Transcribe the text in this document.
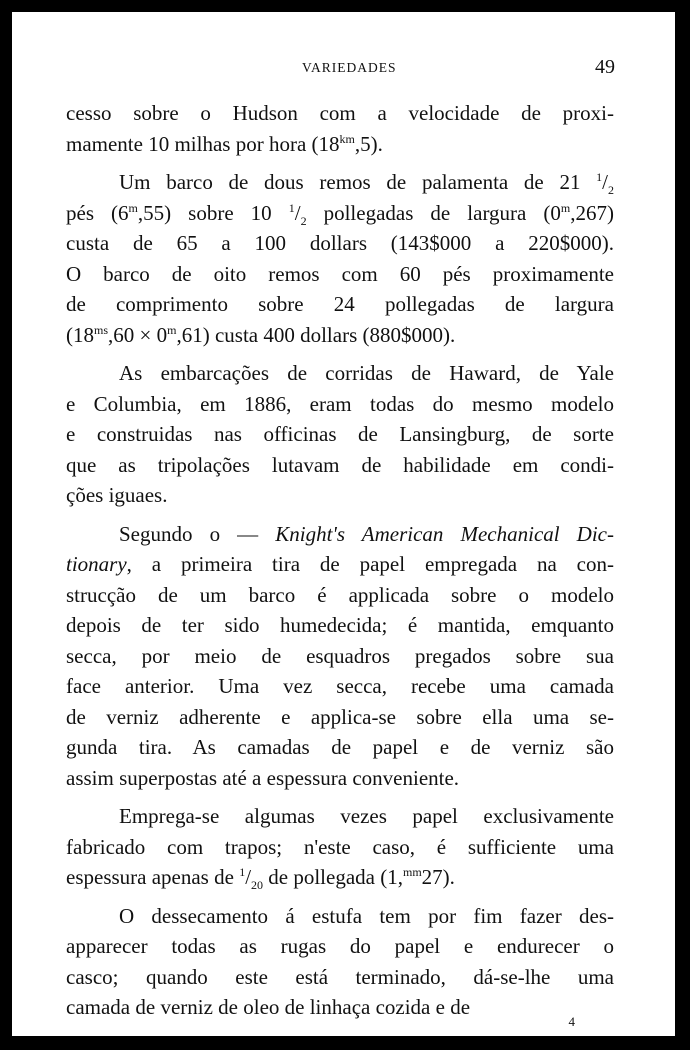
VARIEDADES	49
cesso sobre o Hudson com a velocidade de proxi-
mamente 10 milhas por hora $(18^{km},5)$.
Um barco de dous remos de palamenta de 21 $^1/_2$
pés (6$^m$,55) sobre 10 $^1/_2$ pollegadas de largura (0$^m$,267)
custa de 65 a 100 dollars (143$000 a 220$000).
O barco de oito remos com 60 pés proximamente
de comprimento sobre 24 pollegadas de largura
$(18^{ms},60 \times 0^m,61)$ custa 400 dollars (880$000).
As embarcações de corridas de Haward, de Yale
e Columbia, em 1886, eram todas do mesmo modelo
e construidas nas officinas de Lansingburg, de sorte
que as tripolações lutavam de habilidade em condi-
ções iguaes.
Segundo o — Knight's American Mechanical Dic-
tionary, a primeira tira de papel empregada na con-
strucção de um barco é applicada sobre o modelo
depois de ter sido humedecida; é mantida, emquanto
secca, por meio de esquadros pregados sobre sua
face anterior. Uma vez secca, recebe uma camada
de verniz adherente e applica-se sobre ella uma se-
gunda tira. As camadas de papel e de verniz são
assim superpostas até a espessura conveniente.
Emprega-se algumas vezes papel exclusivamente
fabricado com trapos; n'este caso, é sufficiente uma
espessura apenas de $^1/_{20}$ de pollegada (1,$^{mm}$27).
O dessecamento á estufa tem por fim fazer des-
apparecer todas as rugas do papel e endurecer o
casco; quando este está terminado, dá-se-lhe uma
camada de verniz de oleo de linhaça cozida e de
4
